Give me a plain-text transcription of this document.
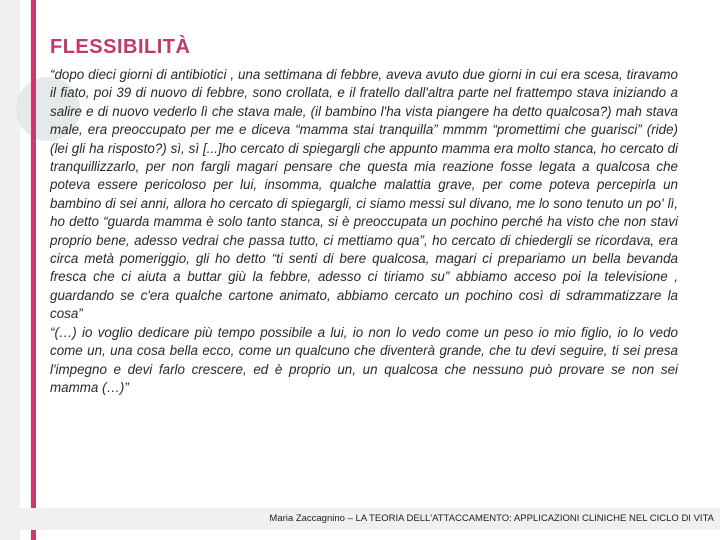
FLESSIBILITÀ

“dopo dieci giorni di antibiotici , una settimana di febbre, aveva avuto due giorni in cui era scesa, tiravamo il fiato, poi 39 di nuovo di febbre, sono crollata, e il fratello dall'altra parte nel frattempo stava iniziando a salire e di nuovo vederlo lì che stava male, (il bambino l'ha vista piangere ha detto qualcosa?) mah stava male, era preoccupato per me e diceva “mamma stai tranquilla” mmmm “promettimi che guarisci” (ride) (lei gli ha risposto?) sì, sì [...]ho cercato di spiegargli che appunto mamma era molto stanca, ho cercato di tranquillizzarlo, per non fargli magari pensare che questa mia reazione fosse legata a qualcosa che poteva essere pericoloso per lui, insomma, qualche malattia grave, per come poteva percepirla un bambino di sei anni, allora ho cercato di spiegargli, ci siamo messi sul divano, me lo sono tenuto un po' lì, ho detto “guarda mamma è solo tanto stanca, si è preoccupata un pochino perché ha visto che non stavi proprio bene, adesso vedrai che passa tutto, ci mettiamo qua”, ho cercato di chiedergli se ricordava, era circa metà pomeriggio, gli ho detto “ti senti di bere qualcosa, magari ci prepariamo un bella bevanda fresca che ci aiuta a buttar giù la febbre, adesso ci tiriamo su” abbiamo acceso poi la televisione , guardando se c'era qualche cartone animato, abbiamo cercato un pochino così di sdrammatizzare la cosa”

“(…) io voglio dedicare più tempo possibile a lui, io non lo vedo come un peso io mio figlio, io lo vedo come un, una cosa bella ecco, come un qualcuno che diventerà grande, che tu devi seguire, ti sei presa l'impegno e devi farlo crescere, ed è proprio un, un qualcosa che nessuno può provare se non sei mamma (…)”

Maria Zaccagnino – LA TEORIA DELL'ATTACCAMENTO: APPLICAZIONI CLINICHE NEL CICLO DI VITA
